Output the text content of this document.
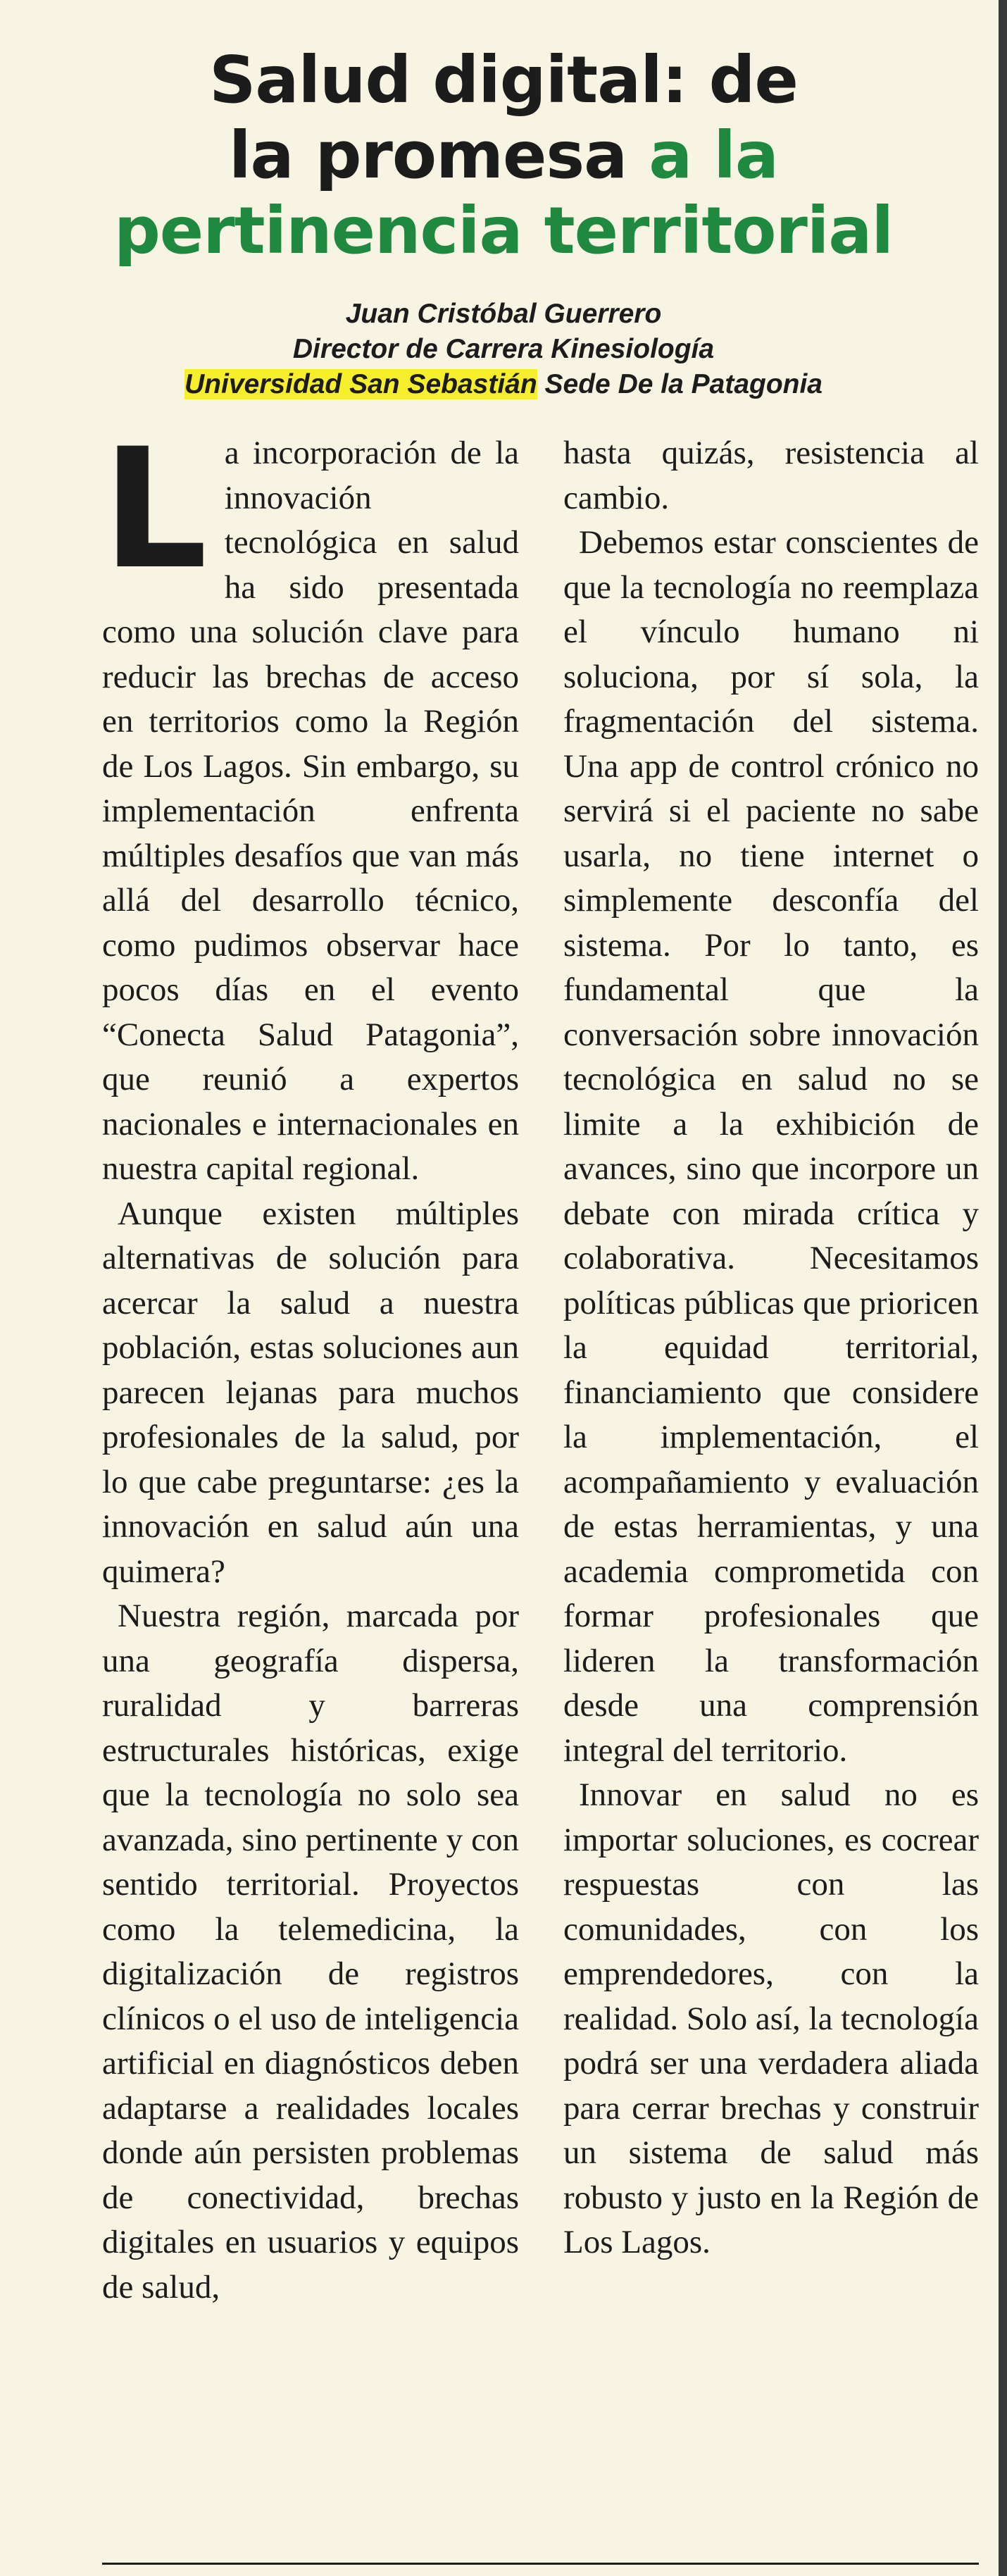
Salud digital: de
la promesa a la
pertinencia territorial
Juan Cristóbal Guerrero
Director de Carrera Kinesiología
Universidad San Sebastián Sede De la Patagonia

La incorporación de la innovación tecnológica en salud ha sido presentada como una solución clave para reducir las brechas de acceso en territorios como la Región de Los Lagos. Sin embargo, su implementación enfrenta múltiples desafíos que van más allá del desarrollo técnico, como pudimos observar hace pocos días en el evento “Conecta Salud Patagonia”, que reunió a expertos nacionales e internacionales en nuestra capital regional.

Aunque existen múltiples alternativas de solución para acercar la salud a nuestra población, estas soluciones aun parecen lejanas para muchos profesionales de la salud, por lo que cabe preguntarse: ¿es la innovación en salud aún una quimera?

Nuestra región, marcada por una geografía dispersa, ruralidad y barreras estructurales históricas, exige que la tecnología no solo sea avanzada, sino pertinente y con sentido territorial. Proyectos como la telemedicina, la digitalización de registros clínicos o el uso de inteligencia artificial en diagnósticos deben adaptarse a realidades locales donde aún persisten problemas de conectividad, brechas digitales en usuarios y equipos de salud,

hasta quizás, resistencia al cambio.

Debemos estar conscientes de que la tecnología no reemplaza el vínculo humano ni soluciona, por sí sola, la fragmentación del sistema. Una app de control crónico no servirá si el paciente no sabe usarla, no tiene internet o simplemente desconfía del sistema. Por lo tanto, es fundamental que la conversación sobre innovación tecnológica en salud no se limite a la exhibición de avances, sino que incorpore un debate con mirada crítica y colaborativa. Necesitamos políticas públicas que prioricen la equidad territorial, financiamiento que considere la implementación, el acompañamiento y evaluación de estas herramientas, y una academia comprometida con formar profesionales que lideren la transformación desde una comprensión integral del territorio.

Innovar en salud no es importar soluciones, es cocrear respuestas con las comunidades, con los emprendedores, con la realidad. Solo así, la tecnología podrá ser una verdadera aliada para cerrar brechas y construir un sistema de salud más robusto y justo en la Región de Los Lagos.
